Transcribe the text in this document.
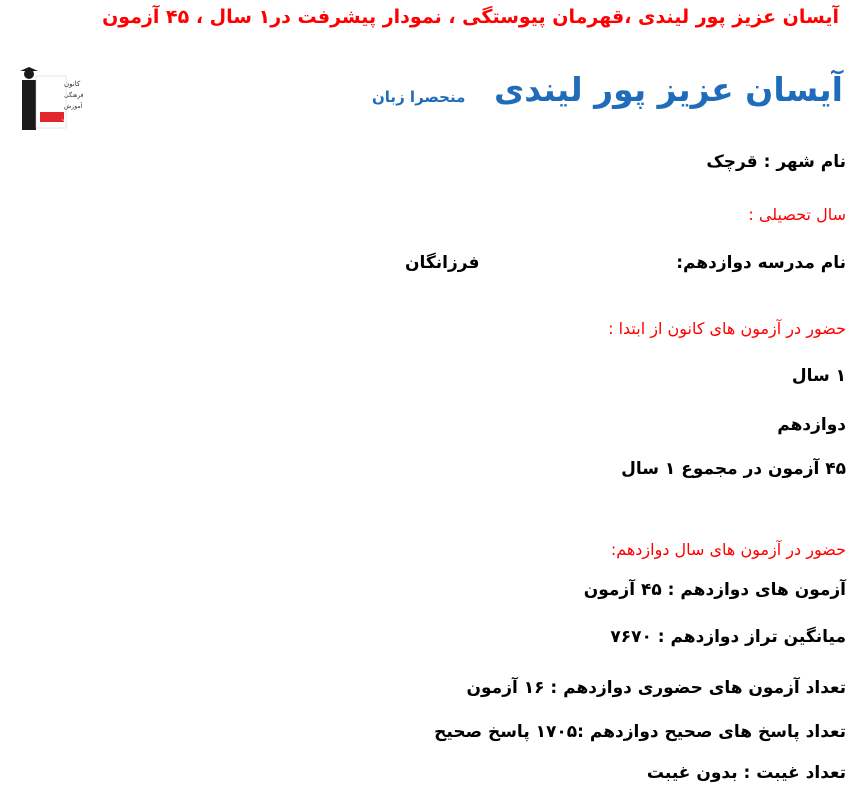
آیسان عزیز پور لیندی ،قهرمان پیوستگی ، نمودار پیشرفت در۱ سال ، ۴۵ آزمون
کانون
فرهنگی
آموزش
قلم چی
آیسان عزیز پور لیندی
منحصرا زبان
نام شهر : قرچک
سال تحصیلی :
نام مدرسه دوازدهم:
فرزانگان
حضور در آزمون های کانون از ابتدا :
۱ سال
دوازدهم
۴۵ آزمون در مجموع ۱ سال
حضور در آزمون های سال دوازدهم:
آزمون های دوازدهم : ۴۵ آزمون
میانگین تراز دوازدهم : ۷۶۷۰
تعداد آزمون های حضوری دوازدهم : ۱۶ آزمون
تعداد پاسخ های صحیح دوازدهم :۱۷۰۵ پاسخ صحیح
تعداد غیبت : بدون غیبت
